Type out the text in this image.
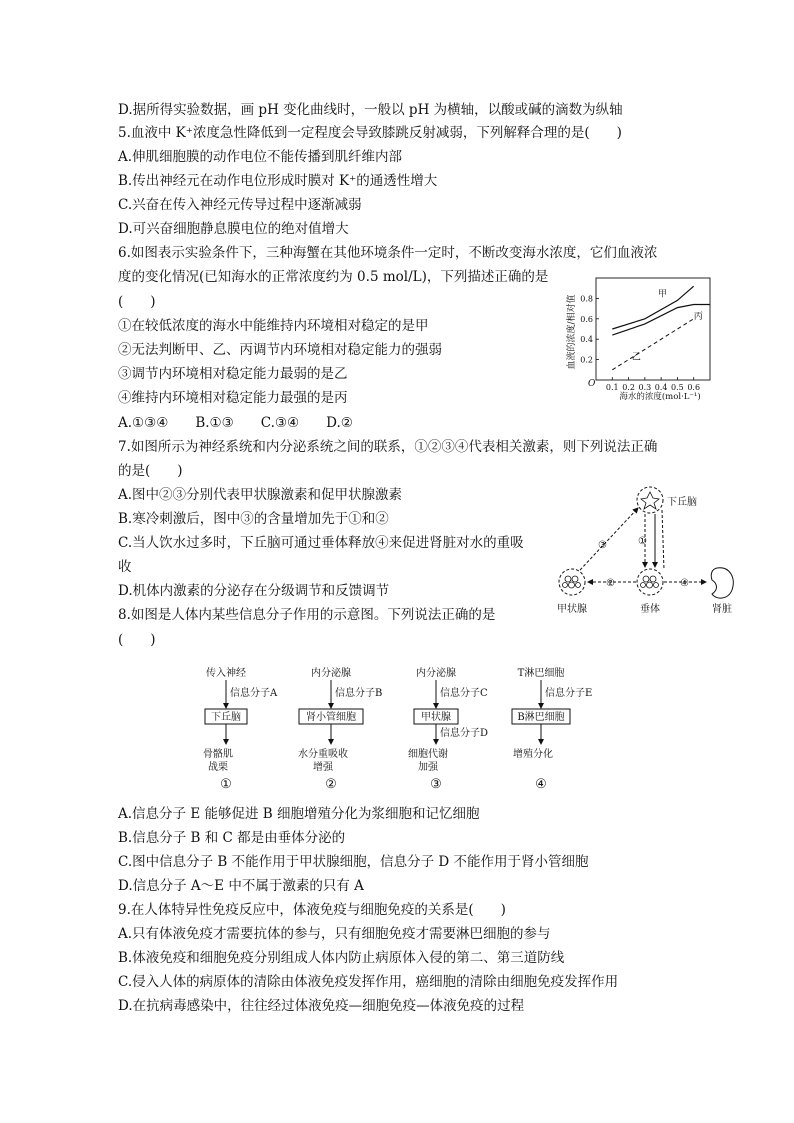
D.据所得实验数据，画 pH 变化曲线时，一般以 pH 为横轴，以酸或碱的滴数为纵轴
5.血液中 K⁺浓度急性降低到一定程度会导致膝跳反射减弱，下列解释合理的是(　　)
A.伸肌细胞膜的动作电位不能传播到肌纤维内部
B.传出神经元在动作电位形成时膜对 K⁺的通透性增大
C.兴奋在传入神经元传导过程中逐渐减弱
D.可兴奋细胞静息膜电位的绝对值增大
6.如图表示实验条件下，三种海蟹在其他环境条件一定时，不断改变海水浓度，它们血液浓
度的变化情况(已知海水的正常浓度约为 0.5 mol/L)，下列描述正确的是
(　　)
①在较低浓度的海水中能维持内环境相对稳定的是甲
②无法判断甲、乙、丙调节内环境相对稳定能力的强弱
③调节内环境相对稳定能力最弱的是乙
④维持内环境相对稳定能力最强的是丙
A.①③④　　B.①③　　C.③④　　D.②
7.如图所示为神经系统和内分泌系统之间的联系，①②③④代表相关激素，则下列说法正确
的是(　　)
A.图中②③分别代表甲状腺激素和促甲状腺激素
B.寒冷刺激后，图中③的含量增加先于①和②
C.当人饮水过多时，下丘脑可通过垂体释放④来促进肾脏对水的重吸
收
D.机体内激素的分泌存在分级调节和反馈调节
8.如图是人体内某些信息分子作用的示意图。下列说法正确的是
(　　)
A.信息分子 E 能够促进 B 细胞增殖分化为浆细胞和记忆细胞
B.信息分子 B 和 C 都是由垂体分泌的
C.图中信息分子 B 不能作用于甲状腺细胞，信息分子 D 不能作用于肾小管细胞
D.信息分子 A～E 中不属于激素的只有 A
9.在人体特异性免疫反应中，体液免疫与细胞免疫的关系是(　　)
A.只有体液免疫才需要抗体的参与，只有细胞免疫才需要淋巴细胞的参与
B.体液免疫和细胞免疫分别组成人体内防止病原体入侵的第二、第三道防线
C.侵入人体的病原体的清除由体液免疫发挥作用，癌细胞的清除由细胞免疫发挥作用
D.在抗病毒感染中，往往经过体液免疫—细胞免疫—体液免疫的过程
0.1 0.2 0.3 0.4 0.5 0.6
0.2
0.4
0.6
0.8	甲
丙
乙
血液的浓度/相对值
海水的浓度(mol·L⁻¹)
O
下丘脑
垂体
甲状腺	肾脏
①
②
③
④
传入神经
信息分子A
下丘脑
骨骼肌
战栗
①
内分泌腺
信息分子B
肾小管细胞
水分重吸收
增强
②
内分泌腺
信息分子C
甲状腺
信息分子D
细胞代谢
加强
③
T淋巴细胞
信息分子E
B淋巴细胞
增殖分化
④
